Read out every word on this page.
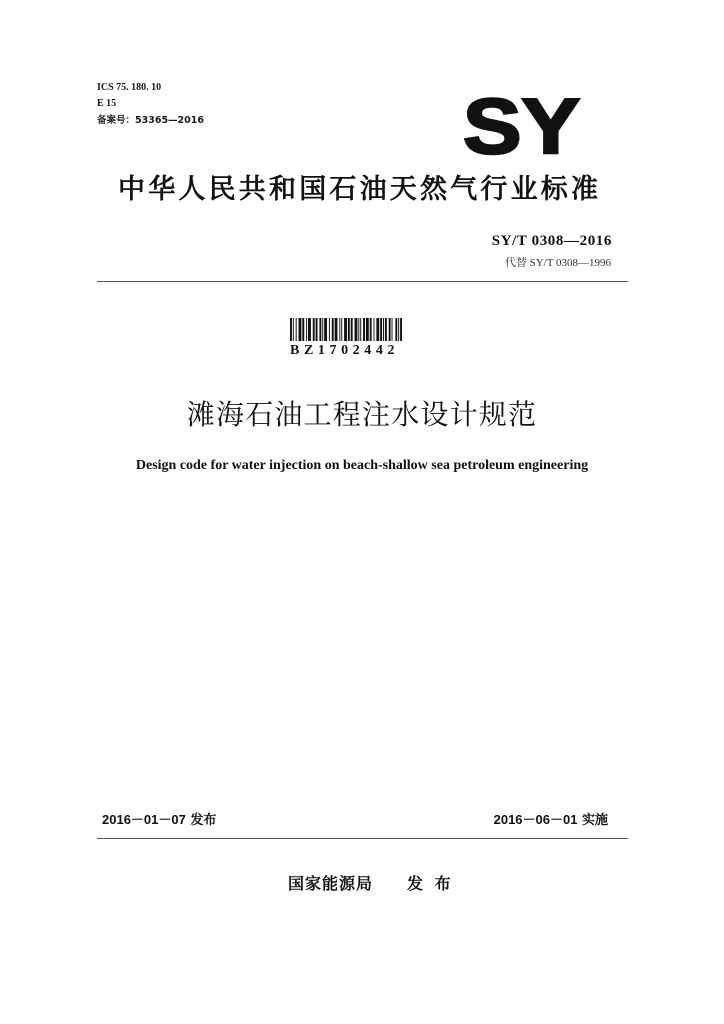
ICS 75. 180. 10
E 15
备案号：53365—2016	SY
中华人民共和国石油天然气行业标准
SY/T 0308—2016
代替 SY/T 0308—1996
BZ1702442
滩海石油工程注水设计规范
Design code for water injection on beach-shallow sea petroleum engineering
2016－01－07 发布	2016－06－01 实施
国家能源局 发 布
